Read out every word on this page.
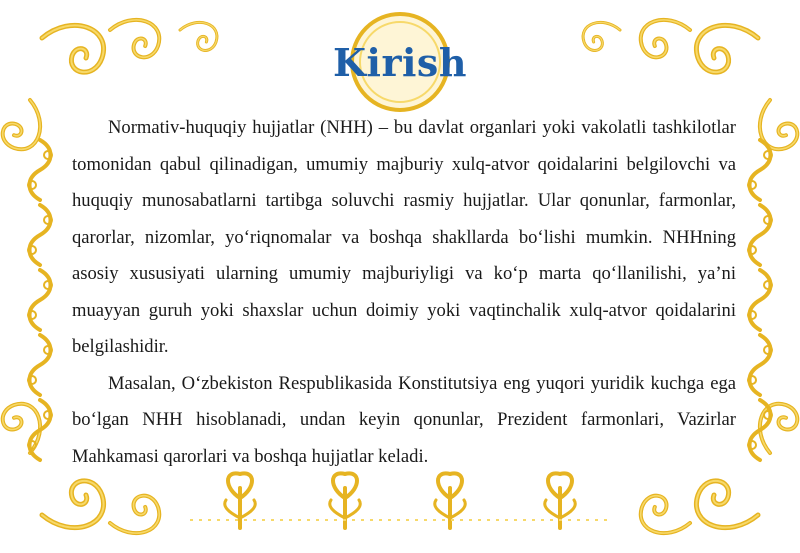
Kirish

Normativ-huquqiy hujjatlar (NHH) – bu davlat organlari yoki vakolatli tashkilotlar tomonidan qabul qilinadigan, umumiy majburiy xulq-atvor qoidalarini belgilovchi va huquqiy munosabatlarni tartibga soluvchi rasmiy hujjatlar. Ular qonunlar, farmonlar, qarorlar, nizomlar, yo‘riqnomalar va boshqa shakllarda bo‘lishi mumkin. NHHning asosiy xususiyati ularning umumiy majburiyligi va ko‘p marta qo‘llanilishi, ya’ni muayyan guruh yoki shaxslar uchun doimiy yoki vaqtinchalik xulq-atvor qoidalarini belgilashidir.

Masalan, O‘zbekiston Respublikasida Konstitutsiya eng yuqori yuridik kuchga ega bo‘lgan NHH hisoblanadi, undan keyin qonunlar, Prezident farmonlari, Vazirlar Mahkamasi qarorlari va boshqa hujjatlar keladi.
